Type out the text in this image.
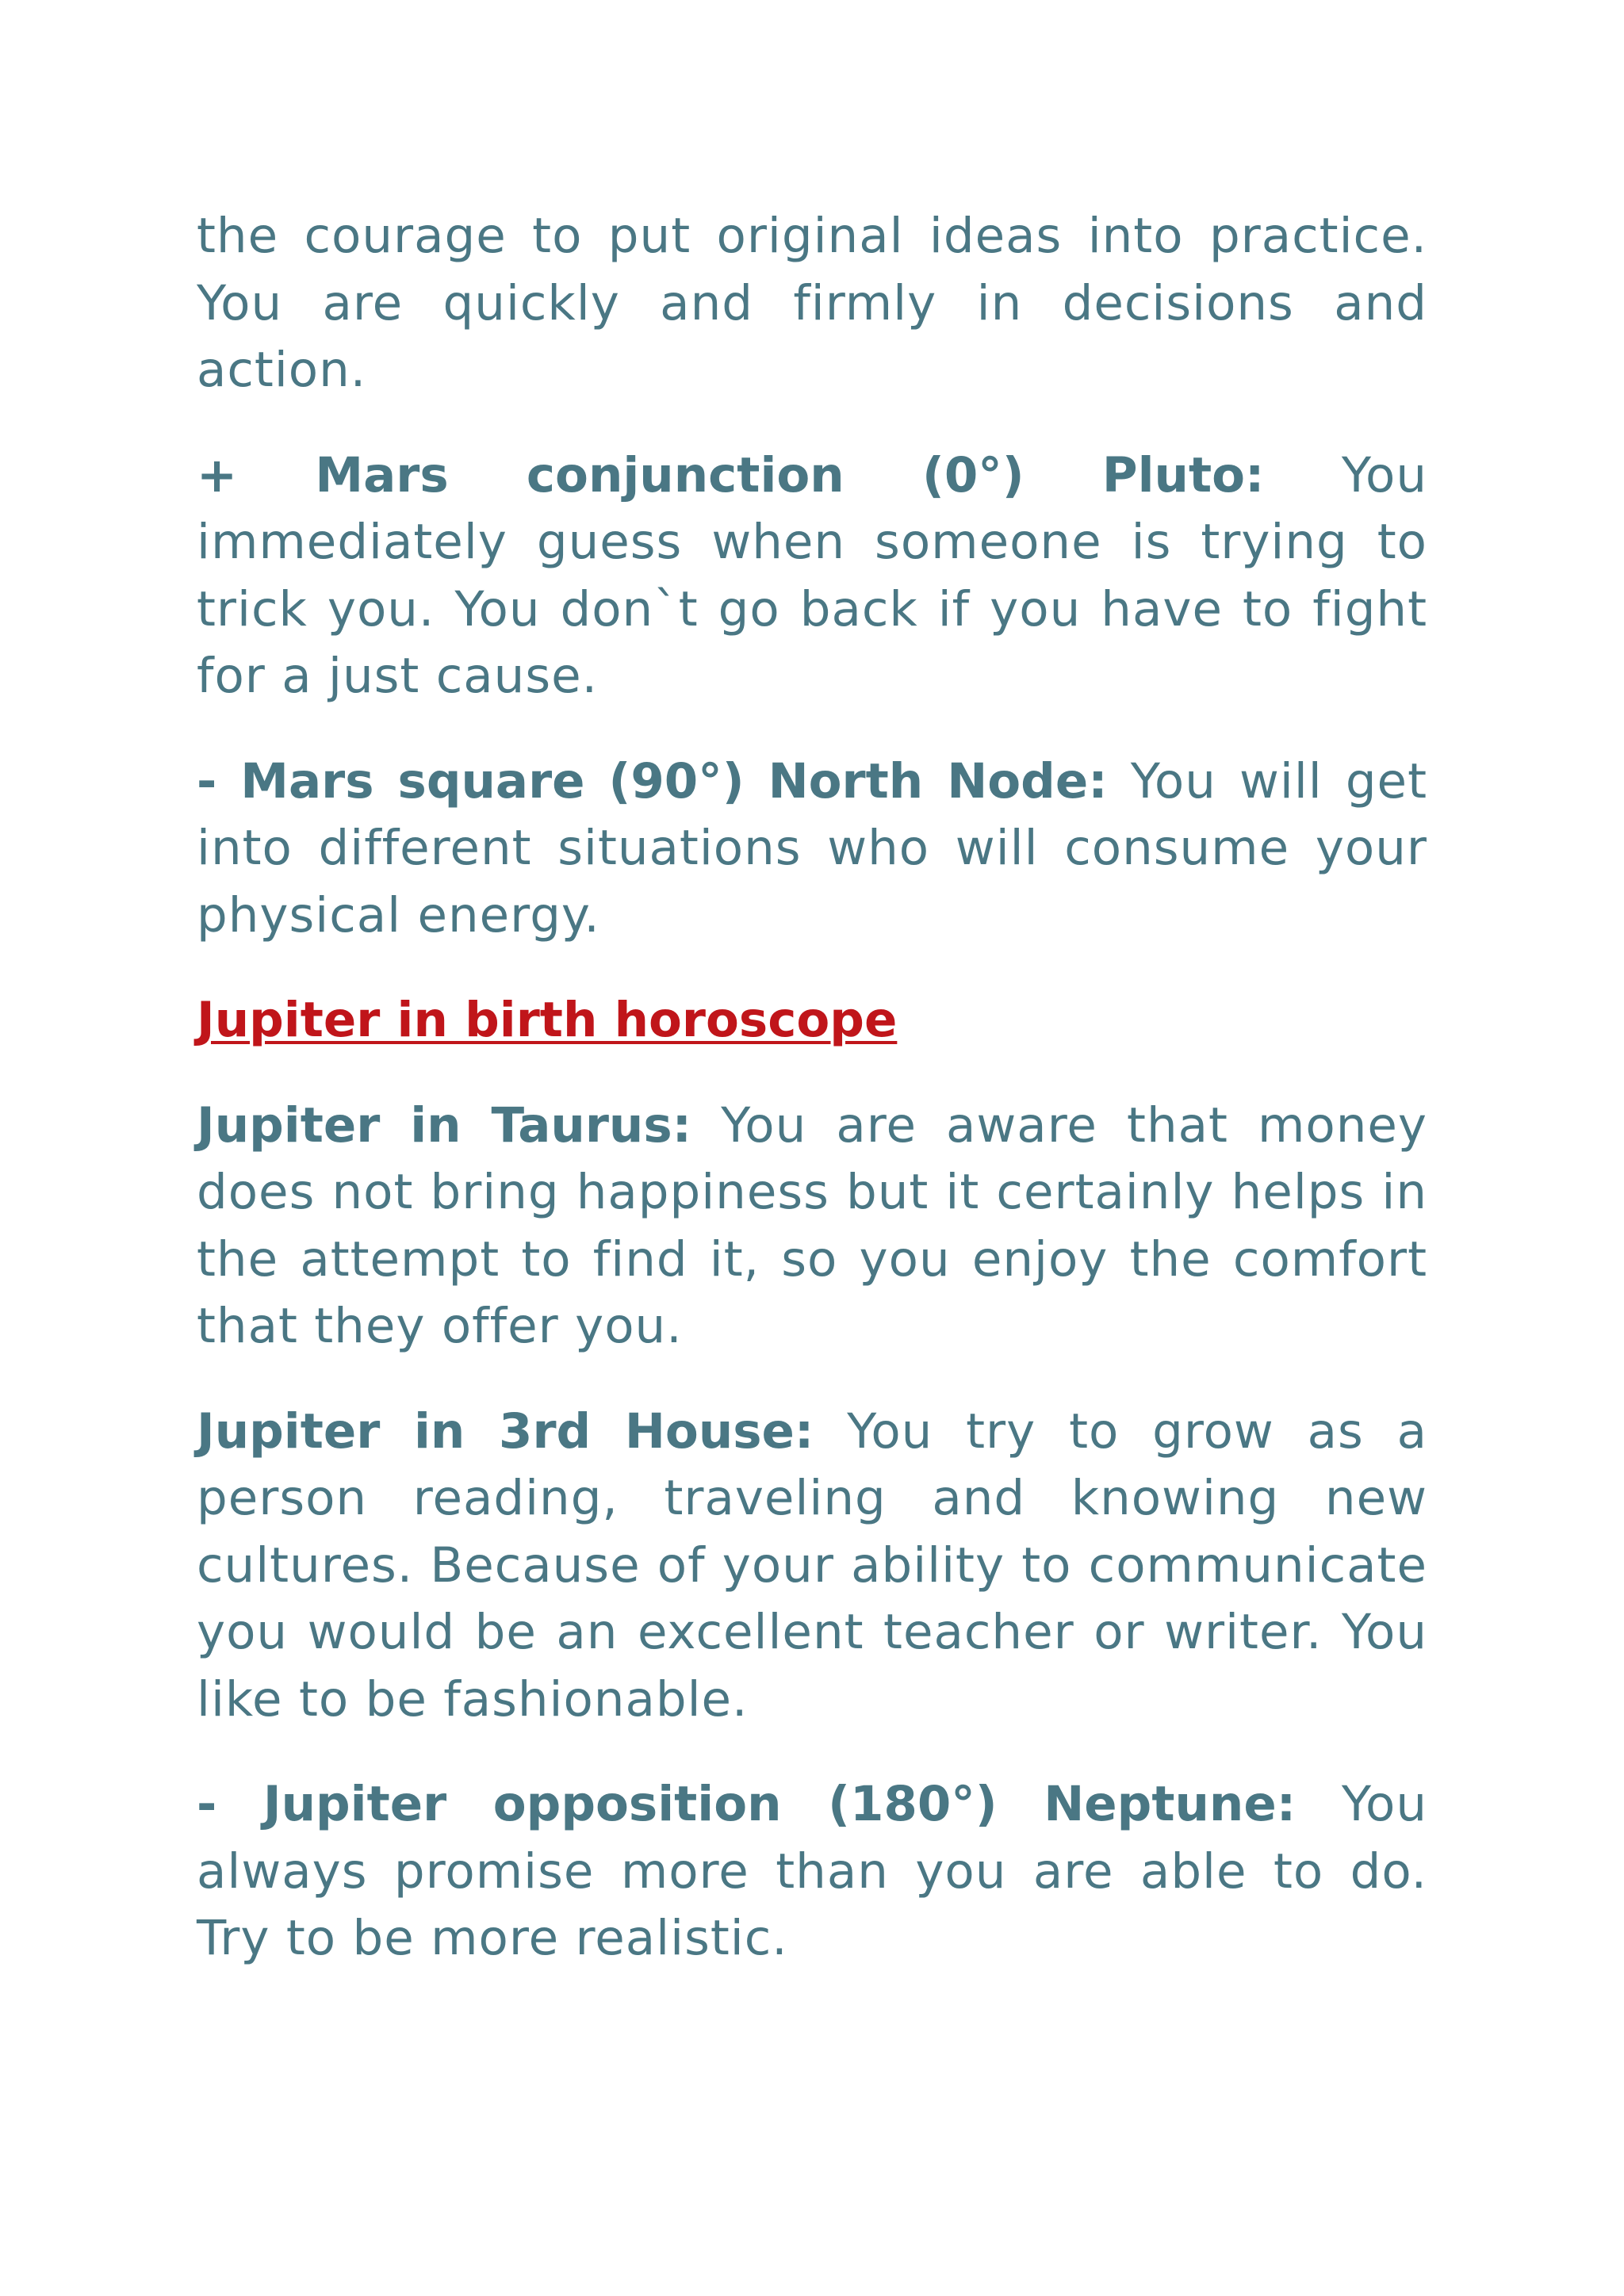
the courage to put original ideas into practice. You are quickly and firmly in decisions and action.

+ Mars conjunction (0°) Pluto: You immediately guess when someone is trying to trick you. You don`t go back if you have to fight for a just cause.

- Mars square (90°) North Node: You will get into different situations who will consume your physical energy.

Jupiter in birth horoscope

Jupiter in Taurus: You are aware that money does not bring happiness but it certainly helps in the attempt to find it, so you enjoy the comfort that they offer you.

Jupiter in 3rd House: You try to grow as a person reading, traveling and knowing new cultures. Because of your ability to communicate you would be an excellent teacher or writer. You like to be fashionable.

- Jupiter opposition (180°) Neptune: You always promise more than you are able to do. Try to be more realistic.
